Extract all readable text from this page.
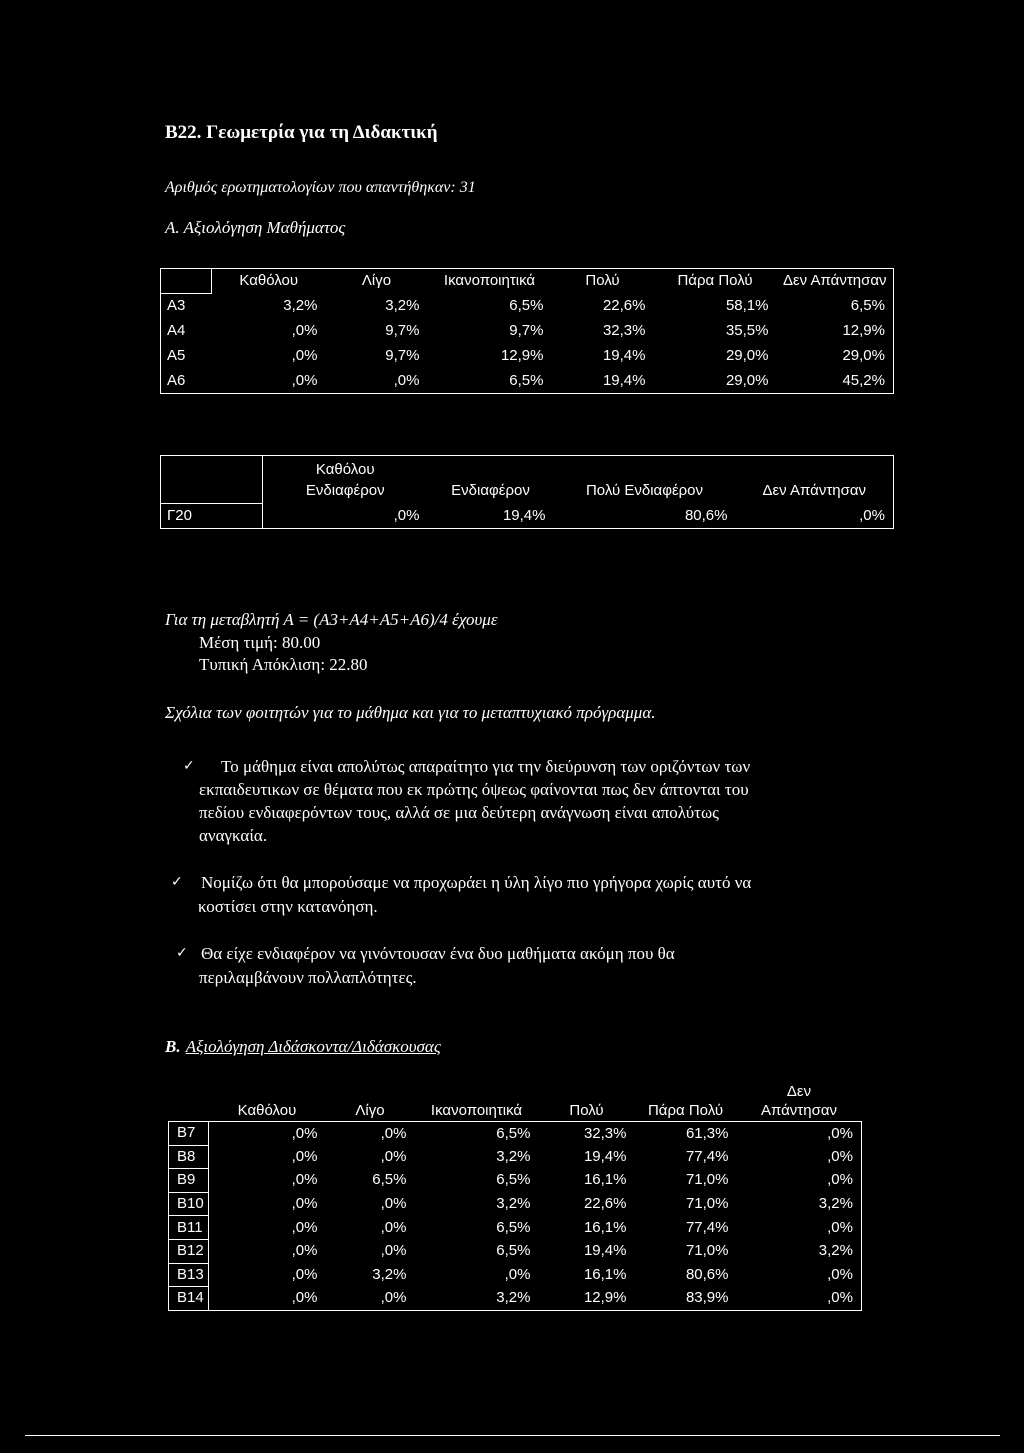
Β22. Γεωμετρία για τη Διδακτική
Αριθμός ερωτηματολογίων που απαντήθηκαν: 31
Α. Αξιολόγηση Μαθήματος
	Καθόλου	Λίγο	Ικανοποιητικά	Πολύ	Πάρα Πολύ	Δεν Απάντησαν
Α3	3,2%	3,2%	6,5%	22,6%	58,1%	6,5%
Α4	,0%	9,7%	9,7%	32,3%	35,5%	12,9%
Α5	,0%	9,7%	12,9%	19,4%	29,0%	29,0%
Α6	,0%	,0%	6,5%	19,4%	29,0%	45,2%
	Καθόλου
Ενδιαφέρον	Ενδιαφέρον	Πολύ Ενδιαφέρον	Δεν Απάντησαν
Γ20	,0%	19,4%	80,6%	,0%
Για τη μεταβλητή Α = (Α3+Α4+Α5+Α6)/4 έχουμε
Μέση τιμή: 80.00
Τυπική Απόκλιση: 22.80
Σχόλια των φοιτητών για το μάθημα και για το μεταπτυχιακό πρόγραμμα.
✓
Το μάθημα είναι απολύτως απαραίτητο για την διεύρυνση των οριζόντων των
εκπαιδευτικων σε θέματα που εκ πρώτης όψεως φαίνονται πως δεν άπτονται του
πεδίου ενδιαφερόντων τους, αλλά σε μια δεύτερη ανάγνωση είναι απολύτως
αναγκαία.
✓
Νομίζω ότι θα μπορούσαμε να προχωράει η ύλη λίγο πιο γρήγορα χωρίς αυτό να
κοστίσει στην κατανόηση.
✓
Θα είχε ενδιαφέρον να γινόντουσαν ένα δυο μαθήματα ακόμη που θα
περιλαμβάνουν πολλαπλότητες.
Β. Αξιολόγηση Διδάσκοντα/Διδάσκουσας
	Καθόλου	Λίγο	Ικανοποιητικά	Πολύ	Πάρα Πολύ	Δεν
Απάντησαν
Β7	,0%	,0%	6,5%	32,3%	61,3%	,0%
Β8	,0%	,0%	3,2%	19,4%	77,4%	,0%
Β9	,0%	6,5%	6,5%	16,1%	71,0%	,0%
Β10	,0%	,0%	3,2%	22,6%	71,0%	3,2%
Β11	,0%	,0%	6,5%	16,1%	77,4%	,0%
Β12	,0%	,0%	6,5%	19,4%	71,0%	3,2%
Β13	,0%	3,2%	,0%	16,1%	80,6%	,0%
Β14	,0%	,0%	3,2%	12,9%	83,9%	,0%
